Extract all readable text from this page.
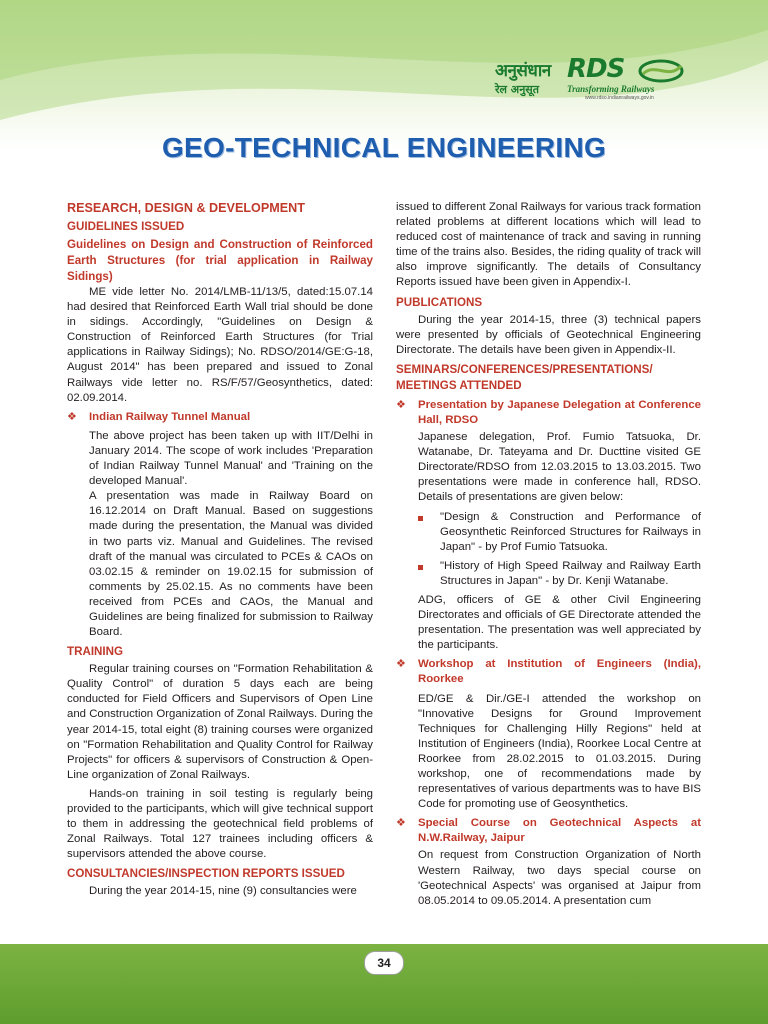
अनुसंधान RDS
रेल अनुसूत	Transforming Railways
www.rdso.indianrailways.gov.in
GEO-TECHNICAL ENGINEERING

RESEARCH, DESIGN & DEVELOPMENT

GUIDELINES ISSUED

Guidelines on Design and Construction of Reinforced Earth Structures (for trial application in Railway Sidings)

ME vide letter No. 2014/LMB-11/13/5, dated:15.07.14 had desired that Reinforced Earth Wall trial should be done in sidings. Accordingly, "Guidelines on Design & Construction of Reinforced Earth Structures (for Trial applications in Railway Sidings); No. RDSO/2014/GE:G-18, August 2014" has been prepared and issued to Zonal Railways vide letter no. RS/F/57/Geosynthetics, dated: 02.09.2014.

❖ Indian Railway Tunnel Manual

The above project has been taken up with IIT/Delhi in January 2014. The scope of work includes 'Preparation of Indian Railway Tunnel Manual' and 'Training on the developed Manual'.

A presentation was made in Railway Board on 16.12.2014 on Draft Manual. Based on suggestions made during the presentation, the Manual was divided in two parts viz. Manual and Guidelines. The revised draft of the manual was circulated to PCEs & CAOs on 03.02.15 & reminder on 19.02.15 for submission of comments by 25.02.15. As no comments have been received from PCEs and CAOs, the Manual and Guidelines are being finalized for submission to Railway Board.

TRAINING

Regular training courses on "Formation Rehabilitation & Quality Control" of duration 5 days each are being conducted for Field Officers and Supervisors of Open Line and Construction Organization of Zonal Railways. During the year 2014-15, total eight (8) training courses were organized on "Formation Rehabilitation and Quality Control for Railway Projects" for officers & supervisors of Construction & Open-Line organization of Zonal Railways.

Hands-on training in soil testing is regularly being provided to the participants, which will give technical support to them in addressing the geotechnical field problems of Zonal Railways. Total 127 trainees including officers & supervisors attended the above course.

CONSULTANCIES/INSPECTION REPORTS ISSUED

During the year 2014-15, nine (9) consultancies were

issued to different Zonal Railways for various track formation related problems at different locations which will lead to reduced cost of maintenance of track and saving in running time of the trains also. Besides, the riding quality of track will also improve significantly. The details of Consultancy Reports issued have been given in Appendix-I.

PUBLICATIONS

During the year 2014-15, three (3) technical papers were presented by officials of Geotechnical Engineering Directorate. The details have been given in Appendix-II.

SEMINARS/CONFERENCES/PRESENTATIONS/ MEETINGS ATTENDED

❖ Presentation by Japanese Delegation at Conference Hall, RDSO

Japanese delegation, Prof. Fumio Tatsuoka, Dr. Watanabe, Dr. Tateyama and Dr. Ducttine visited GE Directorate/RDSO from 12.03.2015 to 13.03.2015. Two presentations were made in conference hall, RDSO. Details of presentations are given below:

"Design & Construction and Performance of Geosynthetic Reinforced Structures for Railways in Japan" - by Prof Fumio Tatsuoka.
"History of High Speed Railway and Railway Earth Structures in Japan" - by Dr. Kenji Watanabe.

ADG, officers of GE & other Civil Engineering Directorates and officials of GE Directorate attended the presentation. The presentation was well appreciated by the participants.

❖ Workshop at Institution of Engineers (India), Roorkee

ED/GE & Dir./GE-I attended the workshop on "Innovative Designs for Ground Improvement Techniques for Challenging Hilly Regions" held at Institution of Engineers (India), Roorkee Local Centre at Roorkee from 28.02.2015 to 01.03.2015. During workshop, one of recommendations made by representatives of various departments was to have BIS Code for promoting use of Geosynthetics.

❖ Special Course on Geotechnical Aspects at N.W.Railway, Jaipur

On request from Construction Organization of North Western Railway, two days special course on 'Geotechnical Aspects' was organised at Jaipur from 08.05.2014 to 09.05.2014. A presentation cum

34
